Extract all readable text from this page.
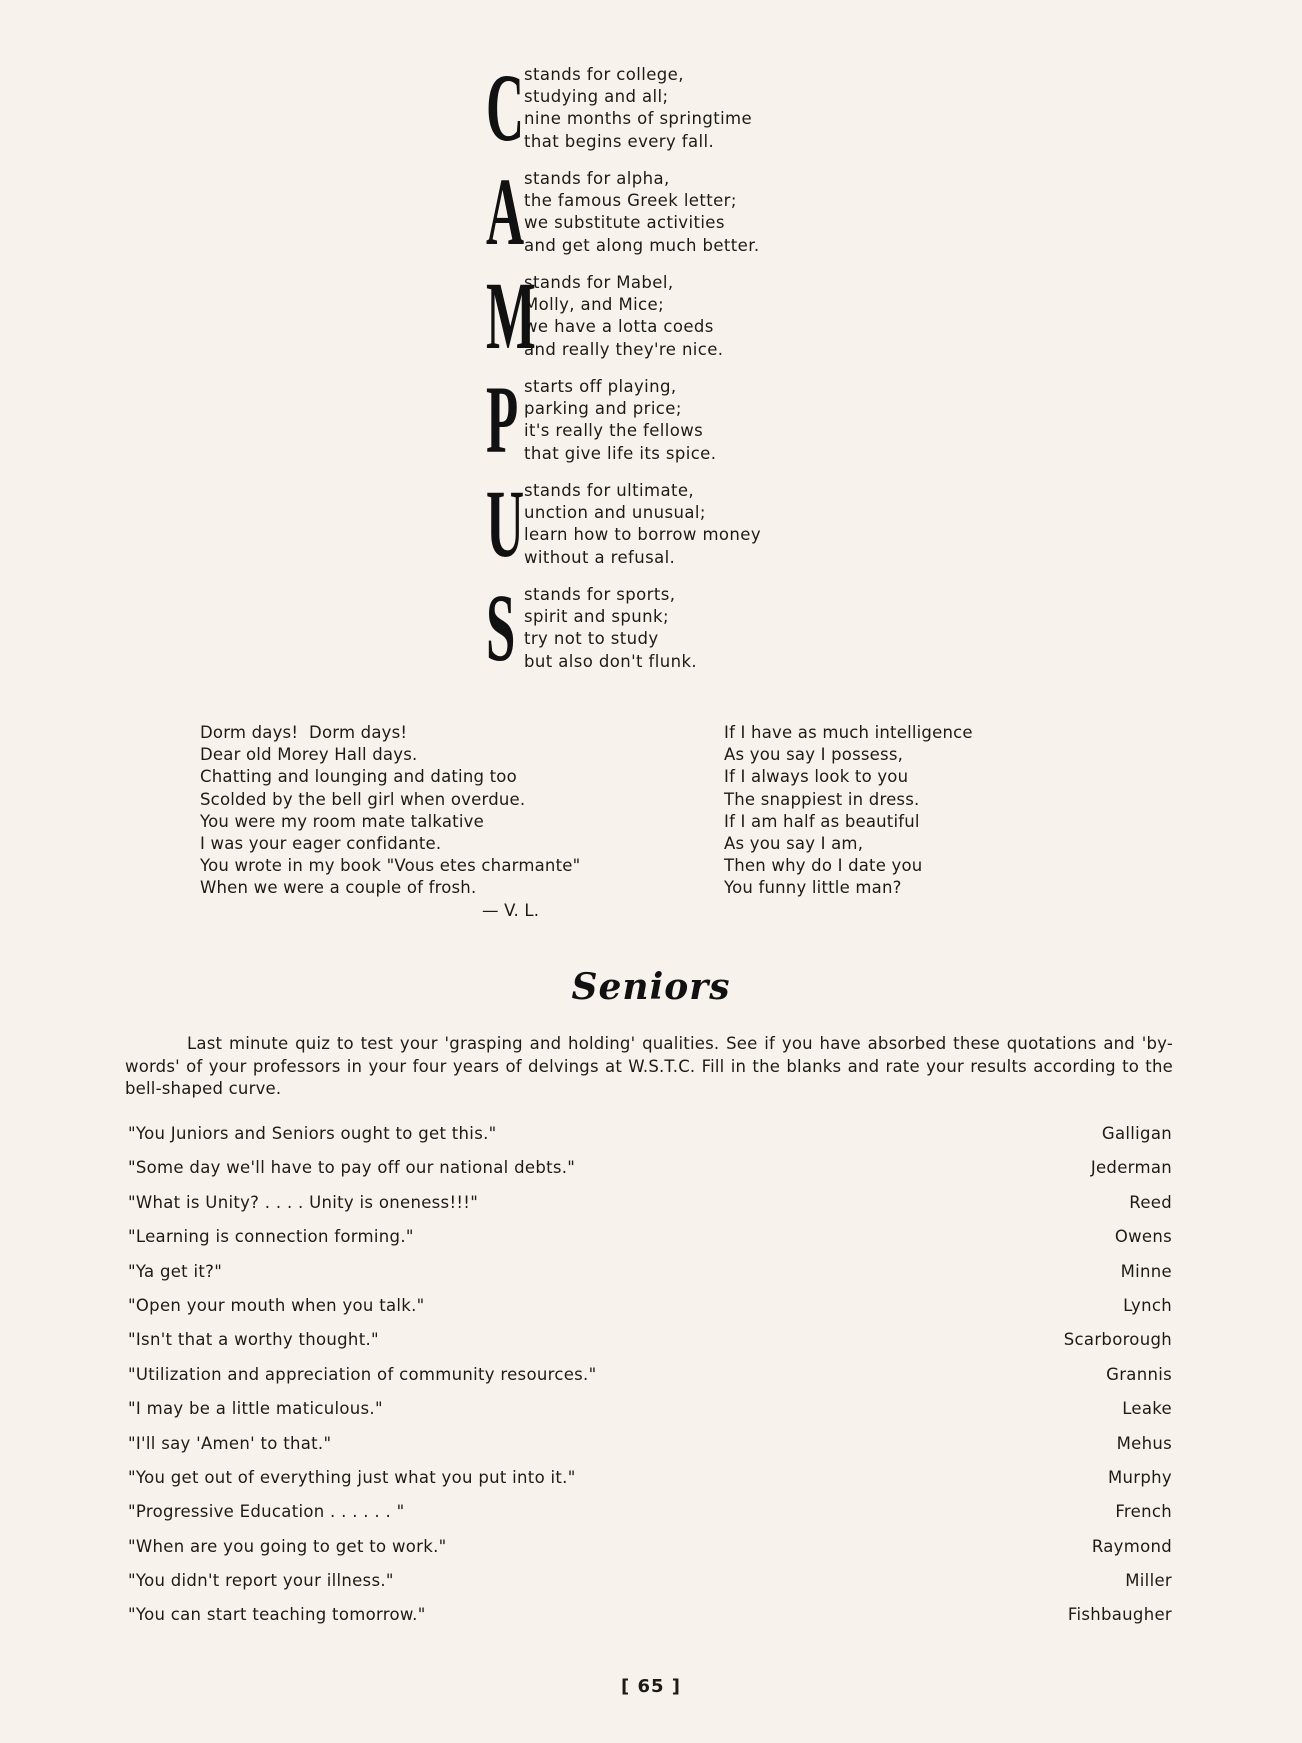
C stands for college,
studying and all;
nine months of springtime
that begins every fall.
A stands for alpha,
the famous Greek letter;
we substitute activities
and get along much better.
M
stands for Mabel,
Molly, and Mice;
we have a lotta coeds
and really they're nice.
P starts off playing,
parking and price;
it's really the fellows
that give life its spice.
U stands for ultimate,
unction and unusual;
learn how to borrow money
without a refusal.
S stands for sports,
spirit and spunk;
try not to study
but also don't flunk.
Dorm days!  Dorm days!
Dear old Morey Hall days.
Chatting and lounging and dating too
Scolded by the bell girl when overdue.
You were my room mate talkative
I was your eager confidante.
You wrote in my book "Vous etes charmante"
When we were a couple of frosh.
— V. L.
If I have as much intelligence
As you say I possess,
If I always look to you
The snappiest in dress.
If I am half as beautiful
As you say I am,
Then why do I date you
You funny little man?
Seniors
Last minute quiz to test your 'grasping and holding' qualities. See if you have absorbed these quotations and 'by-words' of your professors in your four years of delvings at W.S.T.C. Fill in the blanks and rate your results according to the bell-shaped curve.
"You Juniors and Seniors ought to get this."	Galligan
"Some day we'll have to pay off our national debts."	Jederman
"What is Unity? . . . . Unity is oneness!!!"	Reed
"Learning is connection forming."	Owens
"Ya get it?"	Minne
"Open your mouth when you talk."	Lynch
"Isn't that a worthy thought."	Scarborough
"Utilization and appreciation of community resources."	Grannis
"I may be a little maticulous."	Leake
"I'll say 'Amen' to that."	Mehus
"You get out of everything just what you put into it."	Murphy
"Progressive Education . . . . . . "	French
"When are you going to get to work."	Raymond
"You didn't report your illness."	Miller
"You can start teaching tomorrow."	Fishbaugher
[ 65 ]
